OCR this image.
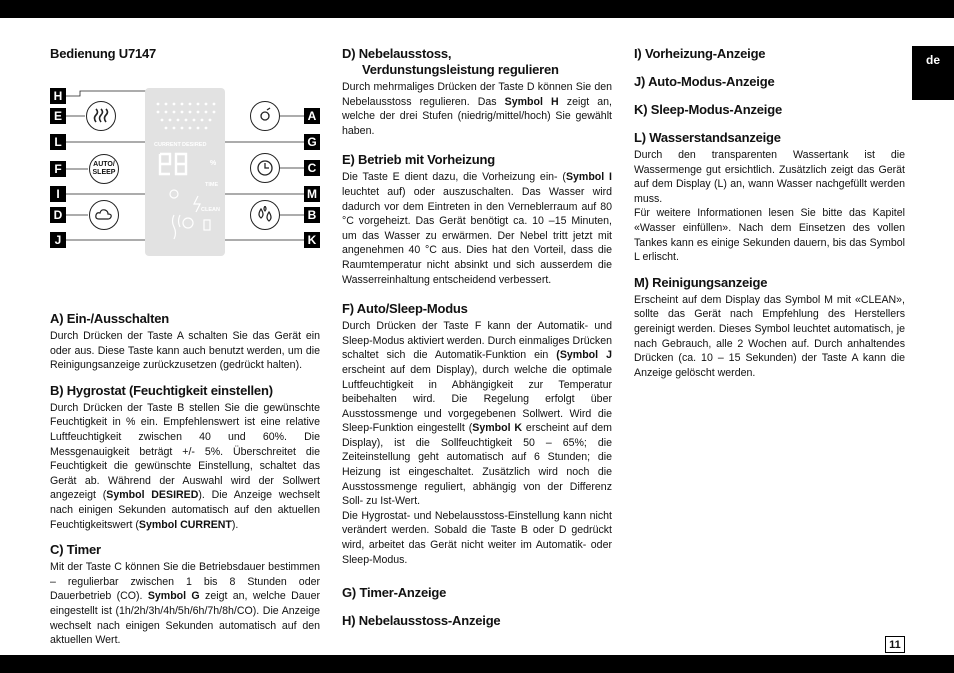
de
11
Bedienung U7147
CURRENT DESIRED
%
TIME
CLEAN
AUTO/ SLEEP
H
E
L
F
I
D
J
A
G
C
M
B
K
A) Ein-/Ausschalten

Durch Drücken der Taste A schalten Sie das Gerät ein oder aus. Diese Taste kann auch benutzt werden, um die Reinigungsanzeige zurückzusetzen (gedrückt halten).

B) Hygrostat (Feuchtigkeit einstellen)

Durch Drücken der Taste B stellen Sie die gewünschte Feuchtigkeit in % ein. Empfehlenswert ist eine relative Luftfeuchtigkeit zwischen 40 und 60%. Die Messgenauigkeit beträgt +/- 5%. Überschreitet die Feuchtigkeit die gewünschte Einstellung, schaltet das Gerät ab. Während der Auswahl wird der Sollwert angezeigt (Symbol DESIRED). Die Anzeige wechselt nach einigen Sekunden automatisch auf den aktuellen Feuchtigkeitswert (Symbol CURRENT).

C) Timer

Mit der Taste C können Sie die Betriebsdauer bestimmen – regulierbar zwischen 1 bis 8 Stunden oder Dauerbetrieb (CO). Symbol G zeigt an, welche Dauer eingestellt ist (1h/2h/3h/4h/5h/6h/7h/8h/CO). Die Anzeige wechselt nach einigen Sekunden automatisch auf den aktuellen Wert.

D) Nebelausstoss,
Verdunstungsleistung regulieren

Durch mehrmaliges Drücken der Taste D können Sie den Nebelausstoss regulieren. Das Symbol H zeigt an, welche der drei Stufen (niedrig/mittel/hoch) Sie gewählt haben.

E) Betrieb mit Vorheizung

Die Taste E dient dazu, die Vorheizung ein- (Symbol I leuchtet auf) oder auszuschalten. Das Wasser wird dadurch vor dem Eintreten in den Verneblerraum auf 80 °C vorgeheizt. Das Gerät benötigt ca. 10 –15 Minuten, um das Wasser zu erwärmen. Der Nebel tritt jetzt mit angenehmen 40 °C aus. Dies hat den Vorteil, dass die Raumtemperatur nicht absinkt und sich ausserdem die Wasserreinhaltung entscheidend verbessert.

F) Auto/Sleep-Modus

Durch Drücken der Taste F kann der Automatik- und Sleep-Modus aktiviert werden. Durch einmaliges Drücken schaltet sich die Automatik-Funktion ein (Symbol J erscheint auf dem Display), durch welche die optimale Luftfeuchtigkeit in Abhängigkeit zur Temperatur beibehalten wird. Die Regelung erfolgt über Ausstossmenge und vorgegebenen Sollwert. Wird die Sleep-Funktion eingestellt (Symbol K erscheint auf dem Display), ist die Sollfeuchtigkeit 50 – 65%; die Zeiteinstellung geht automatisch auf 6 Stunden; die Heizung ist eingeschaltet. Zusätzlich wird noch die Ausstossmenge reguliert, abhängig von der Differenz Soll- zu Ist-Wert.

Die Hygrostat- und Nebelausstoss-Einstellung kann nicht verändert werden. Sobald die Taste B oder D gedrückt wird, arbeitet das Gerät nicht weiter im Automatik- oder Sleep-Modus.

G) Timer-Anzeige
H) Nebelausstoss-Anzeige
I) Vorheizung-Anzeige
J) Auto-Modus-Anzeige
K) Sleep-Modus-Anzeige
L) Wasserstandsanzeige

Durch den transparenten Wassertank ist die Wassermenge gut ersichtlich. Zusätzlich zeigt das Gerät auf dem Display (L) an, wann Wasser nachgefüllt werden muss.

Für weitere Informationen lesen Sie bitte das Kapitel «Wasser einfüllen». Nach dem Einsetzen des vollen Tankes kann es einige Sekunden dauern, bis das Symbol L erlischt.

M) Reinigungsanzeige

Erscheint auf dem Display das Symbol M mit «CLEAN», sollte das Gerät nach Empfehlung des Herstellers gereinigt werden. Dieses Symbol leuchtet automatisch, je nach Gebrauch, alle 2 Wochen auf. Durch anhaltendes Drücken (ca. 10 – 15 Sekunden) der Taste A kann die Anzeige gelöscht werden.
